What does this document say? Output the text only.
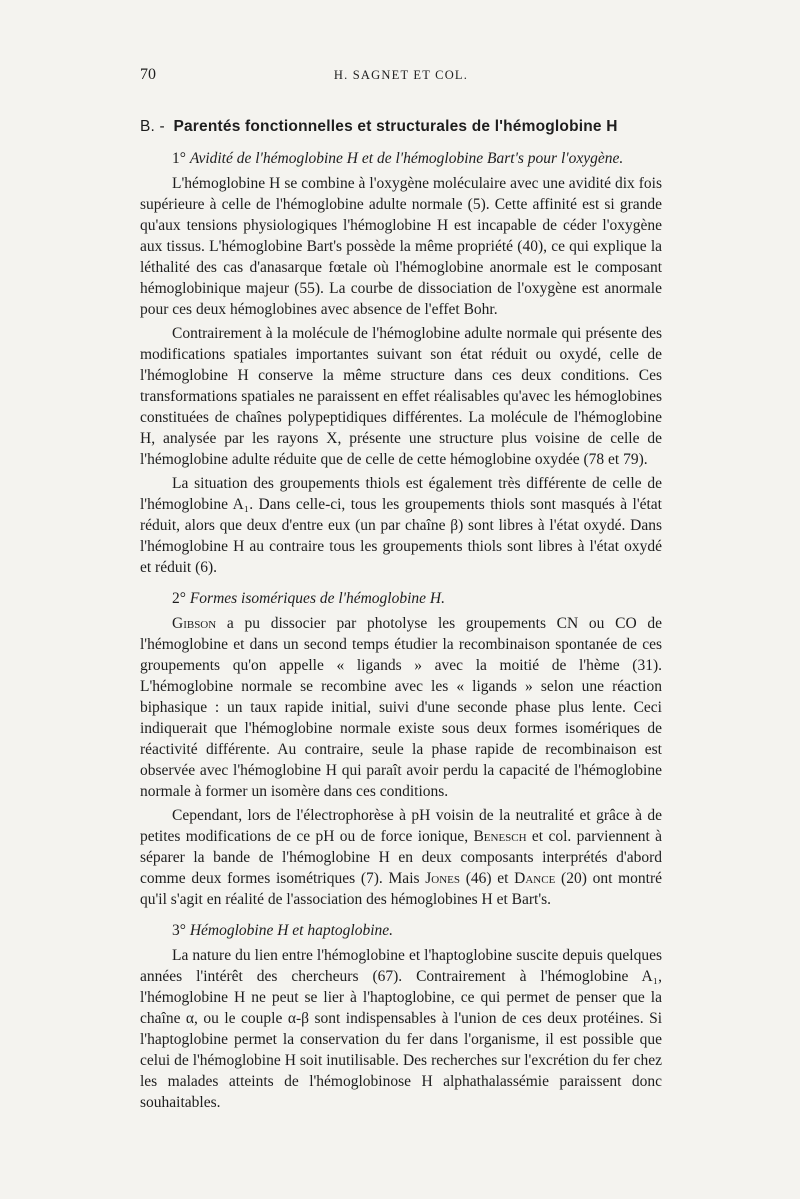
70	H. SAGNET ET COL.
B. - Parentés fonctionnelles et structurales de l'hémoglobine H
1° Avidité de l'hémoglobine H et de l'hémoglobine Bart's pour l'oxygène.

L'hémoglobine H se combine à l'oxygène moléculaire avec une avidité dix fois supérieure à celle de l'hémoglobine adulte normale (5). Cette affinité est si grande qu'aux tensions physiologiques l'hémoglobine H est incapable de céder l'oxygène aux tissus. L'hémoglobine Bart's possède la même propriété (40), ce qui explique la léthalité des cas d'anasarque fœtale où l'hémoglobine anormale est le composant hémoglobinique majeur (55). La courbe de dissociation de l'oxygène est anormale pour ces deux hémoglobines avec absence de l'effet Bohr.

Contrairement à la molécule de l'hémoglobine adulte normale qui présente des modifications spatiales importantes suivant son état réduit ou oxydé, celle de l'hémoglobine H conserve la même structure dans ces deux conditions. Ces transformations spatiales ne paraissent en effet réalisables qu'avec les hémoglobines constituées de chaînes polypeptidiques différentes. La molécule de l'hémoglobine H, analysée par les rayons X, présente une structure plus voisine de celle de l'hémoglobine adulte réduite que de celle de cette hémoglobine oxydée (78 et 79).

La situation des groupements thiols est également très différente de celle de l'hémoglobine A₁. Dans celle-ci, tous les groupements thiols sont masqués à l'état réduit, alors que deux d'entre eux (un par chaîne β) sont libres à l'état oxydé. Dans l'hémoglobine H au contraire tous les groupements thiols sont libres à l'état oxydé et réduit (6).

2° Formes isomériques de l'hémoglobine H.

Gibson a pu dissocier par photolyse les groupements CN ou CO de l'hémoglobine et dans un second temps étudier la recombinaison spontanée de ces groupements qu'on appelle « ligands » avec la moitié de l'hème (31). L'hémoglobine normale se recombine avec les « ligands » selon une réaction biphasique : un taux rapide initial, suivi d'une seconde phase plus lente. Ceci indiquerait que l'hémoglobine normale existe sous deux formes isomériques de réactivité différente. Au contraire, seule la phase rapide de recombinaison est observée avec l'hémoglobine H qui paraît avoir perdu la capacité de l'hémoglobine normale à former un isomère dans ces conditions.

Cependant, lors de l'électrophorèse à pH voisin de la neutralité et grâce à de petites modifications de ce pH ou de force ionique, Benesch et col. parviennent à séparer la bande de l'hémoglobine H en deux composants interprétés d'abord comme deux formes isométriques (7). Mais Jones (46) et Dance (20) ont montré qu'il s'agit en réalité de l'association des hémoglobines H et Bart's.

3° Hémoglobine H et haptoglobine.

La nature du lien entre l'hémoglobine et l'haptoglobine suscite depuis quelques années l'intérêt des chercheurs (67). Contrairement à l'hémoglobine A₁, l'hémoglobine H ne peut se lier à l'haptoglobine, ce qui permet de penser que la chaîne α, ou le couple α-β sont indispensables à l'union de ces deux protéines. Si l'haptoglobine permet la conservation du fer dans l'organisme, il est possible que celui de l'hémoglobine H soit inutilisable. Des recherches sur l'excrétion du fer chez les malades atteints de l'hémoglobinose H alphathalassémie paraissent donc souhaitables.
